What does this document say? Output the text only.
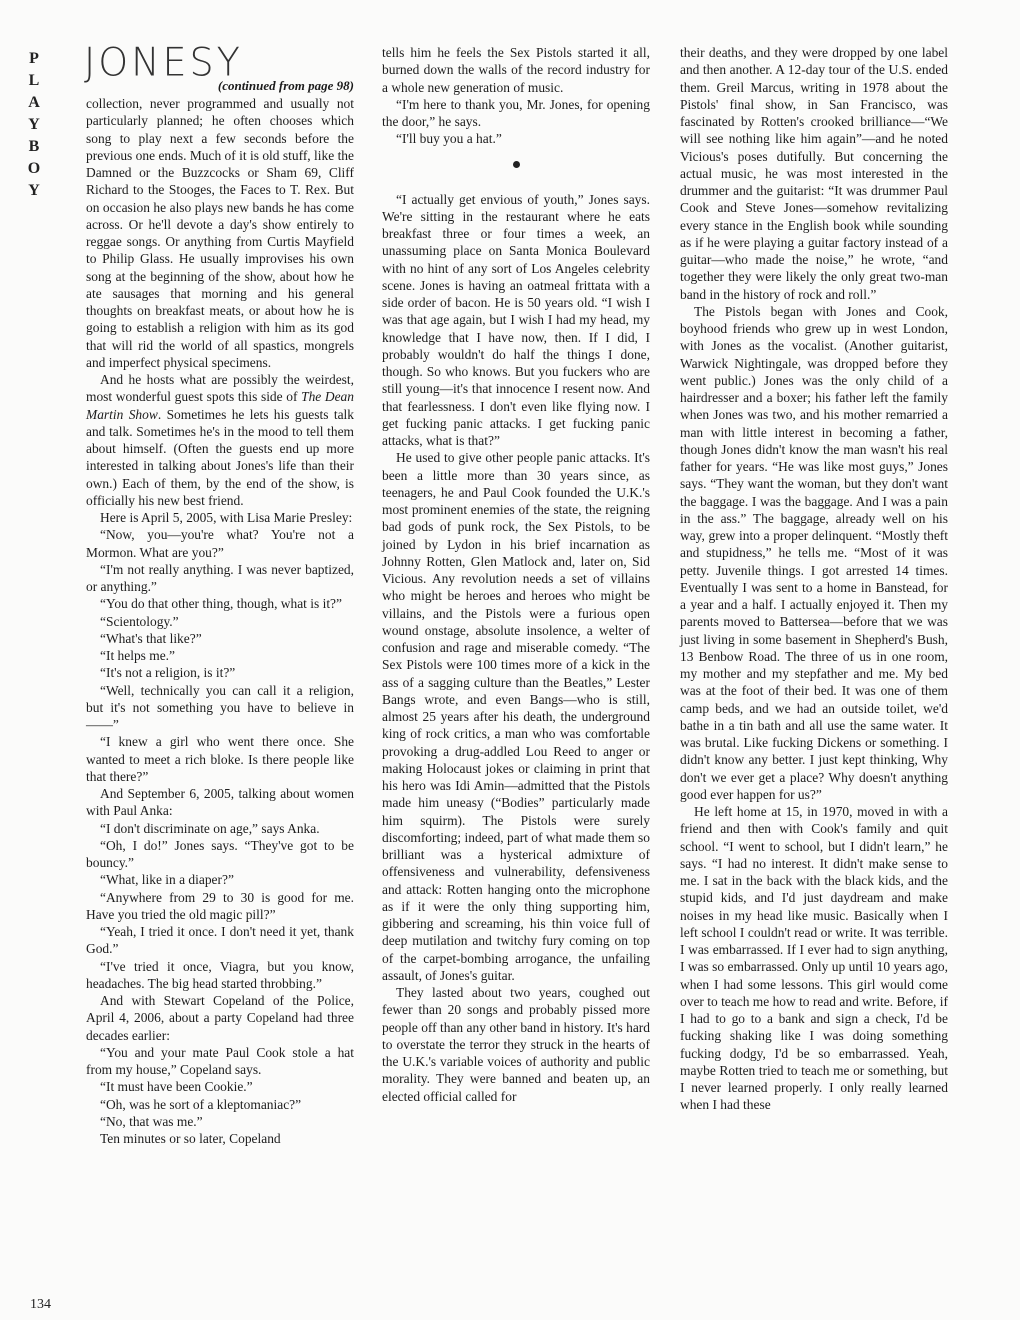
P
L
A
Y
B
O
Y
JONESY
(continued from page 98)

collection, never programmed and usually not particularly planned; he often chooses which song to play next a few seconds before the previous one ends. Much of it is old stuff, like the Damned or the Buzzcocks or Sham 69, Cliff Richard to the Stooges, the Faces to T. Rex. But on occasion he also plays new bands he has come across. Or he'll devote a day's show entirely to reggae songs. Or anything from Curtis Mayfield to Philip Glass. He usually improvises his own song at the beginning of the show, about how he ate sausages that morning and his general thoughts on breakfast meats, or about how he is going to establish a religion with him as its god that will rid the world of all spastics, mongrels and imperfect physical specimens.

And he hosts what are possibly the weirdest, most wonderful guest spots this side of The Dean Martin Show. Sometimes he lets his guests talk and talk. Sometimes he's in the mood to tell them about himself. (Often the guests end up more interested in talking about Jones's life than their own.) Each of them, by the end of the show, is officially his new best friend.

Here is April 5, 2005, with Lisa Marie Presley:

“Now, you—you're what? You're not a Mormon. What are you?”

“I'm not really anything. I was never baptized, or anything.”

“You do that other thing, though, what is it?”

“Scientology.”

“What's that like?”

“It helps me.”

“It's not a religion, is it?”

“Well, technically you can call it a religion, but it's not something you have to believe in——”

“I knew a girl who went there once. She wanted to meet a rich bloke. Is there people like that there?”

And September 6, 2005, talking about women with Paul Anka:

“I don't discriminate on age,” says Anka.

“Oh, I do!” Jones says. “They've got to be bouncy.”

“What, like in a diaper?”

“Anywhere from 29 to 30 is good for me. Have you tried the old magic pill?”

“Yeah, I tried it once. I don't need it yet, thank God.”

“I've tried it once, Viagra, but you know, headaches. The big head started throbbing.”

And with Stewart Copeland of the Police, April 4, 2006, about a party Copeland had three decades earlier:

“You and your mate Paul Cook stole a hat from my house,” Copeland says.

“It must have been Cookie.”

“Oh, was he sort of a kleptomaniac?”

“No, that was me.”

Ten minutes or so later, Copeland

tells him he feels the Sex Pistols started it all, burned down the walls of the record industry for a whole new generation of music.

“I'm here to thank you, Mr. Jones, for opening the door,” he says.

“I'll buy you a hat.”

“I actually get envious of youth,” Jones says. We're sitting in the restaurant where he eats breakfast three or four times a week, an unassuming place on Santa Monica Boulevard with no hint of any sort of Los Angeles celebrity scene. Jones is having an oatmeal frittata with a side order of bacon. He is 50 years old. “I wish I was that age again, but I wish I had my head, my knowledge that I have now, then. If I did, I probably wouldn't do half the things I done, though. So who knows. But you fuckers who are still young—it's that innocence I resent now. And that fearlessness. I don't even like flying now. I get fucking panic attacks. I get fucking panic attacks, what is that?”

He used to give other people panic attacks. It's been a little more than 30 years since, as teenagers, he and Paul Cook founded the U.K.'s most prominent enemies of the state, the reigning bad gods of punk rock, the Sex Pistols, to be joined by Lydon in his brief incarnation as Johnny Rotten, Glen Matlock and, later on, Sid Vicious. Any revolution needs a set of villains who might be heroes and heroes who might be villains, and the Pistols were a furious open wound onstage, absolute insolence, a welter of confusion and rage and miserable comedy. “The Sex Pistols were 100 times more of a kick in the ass of a sagging culture than the Beatles,” Lester Bangs wrote, and even Bangs—who is still, almost 25 years after his death, the underground king of rock critics, a man who was comfortable provoking a drug-addled Lou Reed to anger or making Holocaust jokes or claiming in print that his hero was Idi Amin—admitted that the Pistols made him uneasy (“Bodies” particularly made him squirm). The Pistols were surely discomforting; indeed, part of what made them so brilliant was a hysterical admixture of offensiveness and vulnerability, defensiveness and attack: Rotten hanging onto the microphone as if it were the only thing supporting him, gibbering and screaming, his thin voice full of deep mutilation and twitchy fury coming on top of the carpet-bombing arrogance, the unfailing assault, of Jones's guitar.

They lasted about two years, coughed out fewer than 20 songs and probably pissed more people off than any other band in history. It's hard to overstate the terror they struck in the hearts of the U.K.'s variable voices of authority and public morality. They were banned and beaten up, an elected official called for

their deaths, and they were dropped by one label and then another. A 12-day tour of the U.S. ended them. Greil Marcus, writing in 1978 about the Pistols' final show, in San Francisco, was fascinated by Rotten's crooked brilliance—“We will see nothing like him again”—and he noted Vicious's poses dutifully. But concerning the actual music, he was most interested in the drummer and the guitarist: “It was drummer Paul Cook and Steve Jones—somehow revitalizing every stance in the English book while sounding as if he were playing a guitar factory instead of a guitar—who made the noise,” he wrote, “and together they were likely the only great two-man band in the history of rock and roll.”

The Pistols began with Jones and Cook, boyhood friends who grew up in west London, with Jones as the vocalist. (Another guitarist, Warwick Nightingale, was dropped before they went public.) Jones was the only child of a hairdresser and a boxer; his father left the family when Jones was two, and his mother remarried a man with little interest in becoming a father, though Jones didn't know the man wasn't his real father for years. “He was like most guys,” Jones says. “They want the woman, but they don't want the baggage. I was the baggage. And I was a pain in the ass.” The baggage, already well on his way, grew into a proper delinquent. “Mostly theft and stupidness,” he tells me. “Most of it was petty. Juvenile things. I got arrested 14 times. Eventually I was sent to a home in Banstead, for a year and a half. I actually enjoyed it. Then my parents moved to Battersea—before that we was just living in some basement in Shepherd's Bush, 13 Benbow Road. The three of us in one room, my mother and my stepfather and me. My bed was at the foot of their bed. It was one of them camp beds, and we had an outside toilet, we'd bathe in a tin bath and all use the same water. It was brutal. Like fucking Dickens or something. I didn't know any better. I just kept thinking, Why don't we ever get a place? Why doesn't anything good ever happen for us?”

He left home at 15, in 1970, moved in with a friend and then with Cook's family and quit school. “I went to school, but I didn't learn,” he says. “I had no interest. It didn't make sense to me. I sat in the back with the black kids, and the stupid kids, and I'd just daydream and make noises in my head like music. Basically when I left school I couldn't read or write. It was terrible. I was embarrassed. If I ever had to sign anything, I was so embarrassed. Only up until 10 years ago, when I had some lessons. This girl would come over to teach me how to read and write. Before, if I had to go to a bank and sign a check, I'd be fucking shaking like I was doing something fucking dodgy, I'd be so embarrassed. Yeah, maybe Rotten tried to teach me or something, but I never learned properly. I only really learned when I had these

134
